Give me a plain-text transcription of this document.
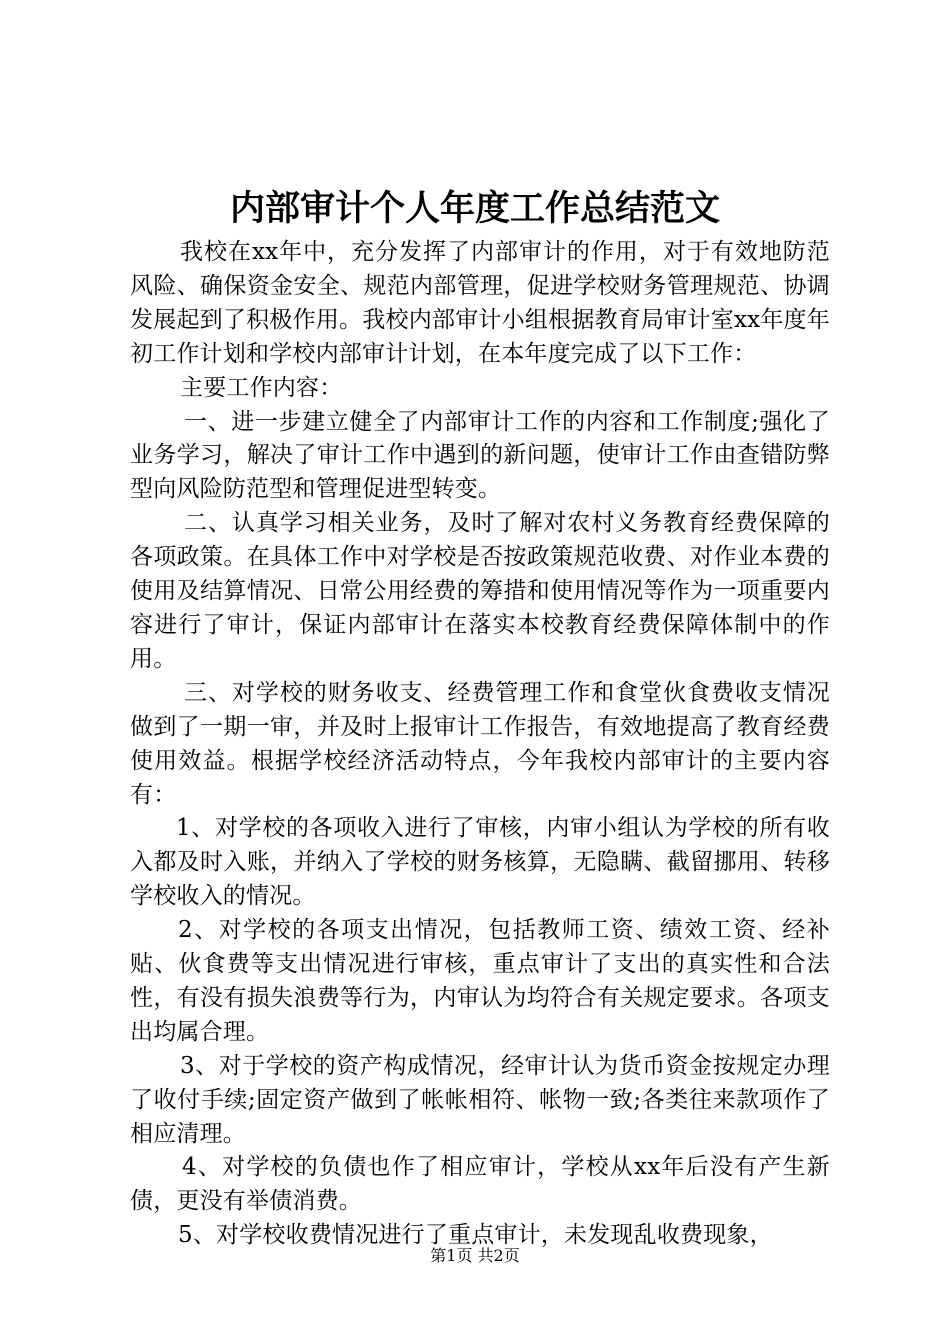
内部审计个人年度工作总结范文

我校在xx年中，充分发挥了内部审计的作用，对于有效地防范风险、确保资金安全、规范内部管理，促进学校财务管理规范、协调发展起到了积极作用。我校内部审计小组根据教育局审计室xx年度年初工作计划和学校内部审计计划，在本年度完成了以下工作：

主要工作内容：

一、进一步建立健全了内部审计工作的内容和工作制度;强化了业务学习，解决了审计工作中遇到的新问题，使审计工作由查错防弊型向风险防范型和管理促进型转变。

二、认真学习相关业务，及时了解对农村义务教育经费保障的各项政策。在具体工作中对学校是否按政策规范收费、对作业本费的使用及结算情况、日常公用经费的筹措和使用情况等作为一项重要内容进行了审计，保证内部审计在落实本校教育经费保障体制中的作用。

三、对学校的财务收支、经费管理工作和食堂伙食费收支情况做到了一期一审，并及时上报审计工作报告，有效地提高了教育经费使用效益。根据学校经济活动特点，今年我校内部审计的主要内容有：

1、对学校的各项收入进行了审核，内审小组认为学校的所有收入都及时入账，并纳入了学校的财务核算，无隐瞒、截留挪用、转移学校收入的情况。

2、对学校的各项支出情况，包括教师工资、绩效工资、经补贴、伙食费等支出情况进行审核，重点审计了支出的真实性和合法性，有没有损失浪费等行为，内审认为均符合有关规定要求。各项支出均属合理。

3、对于学校的资产构成情况，经审计认为货币资金按规定办理了收付手续;固定资产做到了帐帐相符、帐物一致;各类往来款项作了相应清理。

4、对学校的负债也作了相应审计，学校从xx年后没有产生新债，更没有举债消费。

5、对学校收费情况进行了重点审计，未发现乱收费现象，

第1页 共2页
